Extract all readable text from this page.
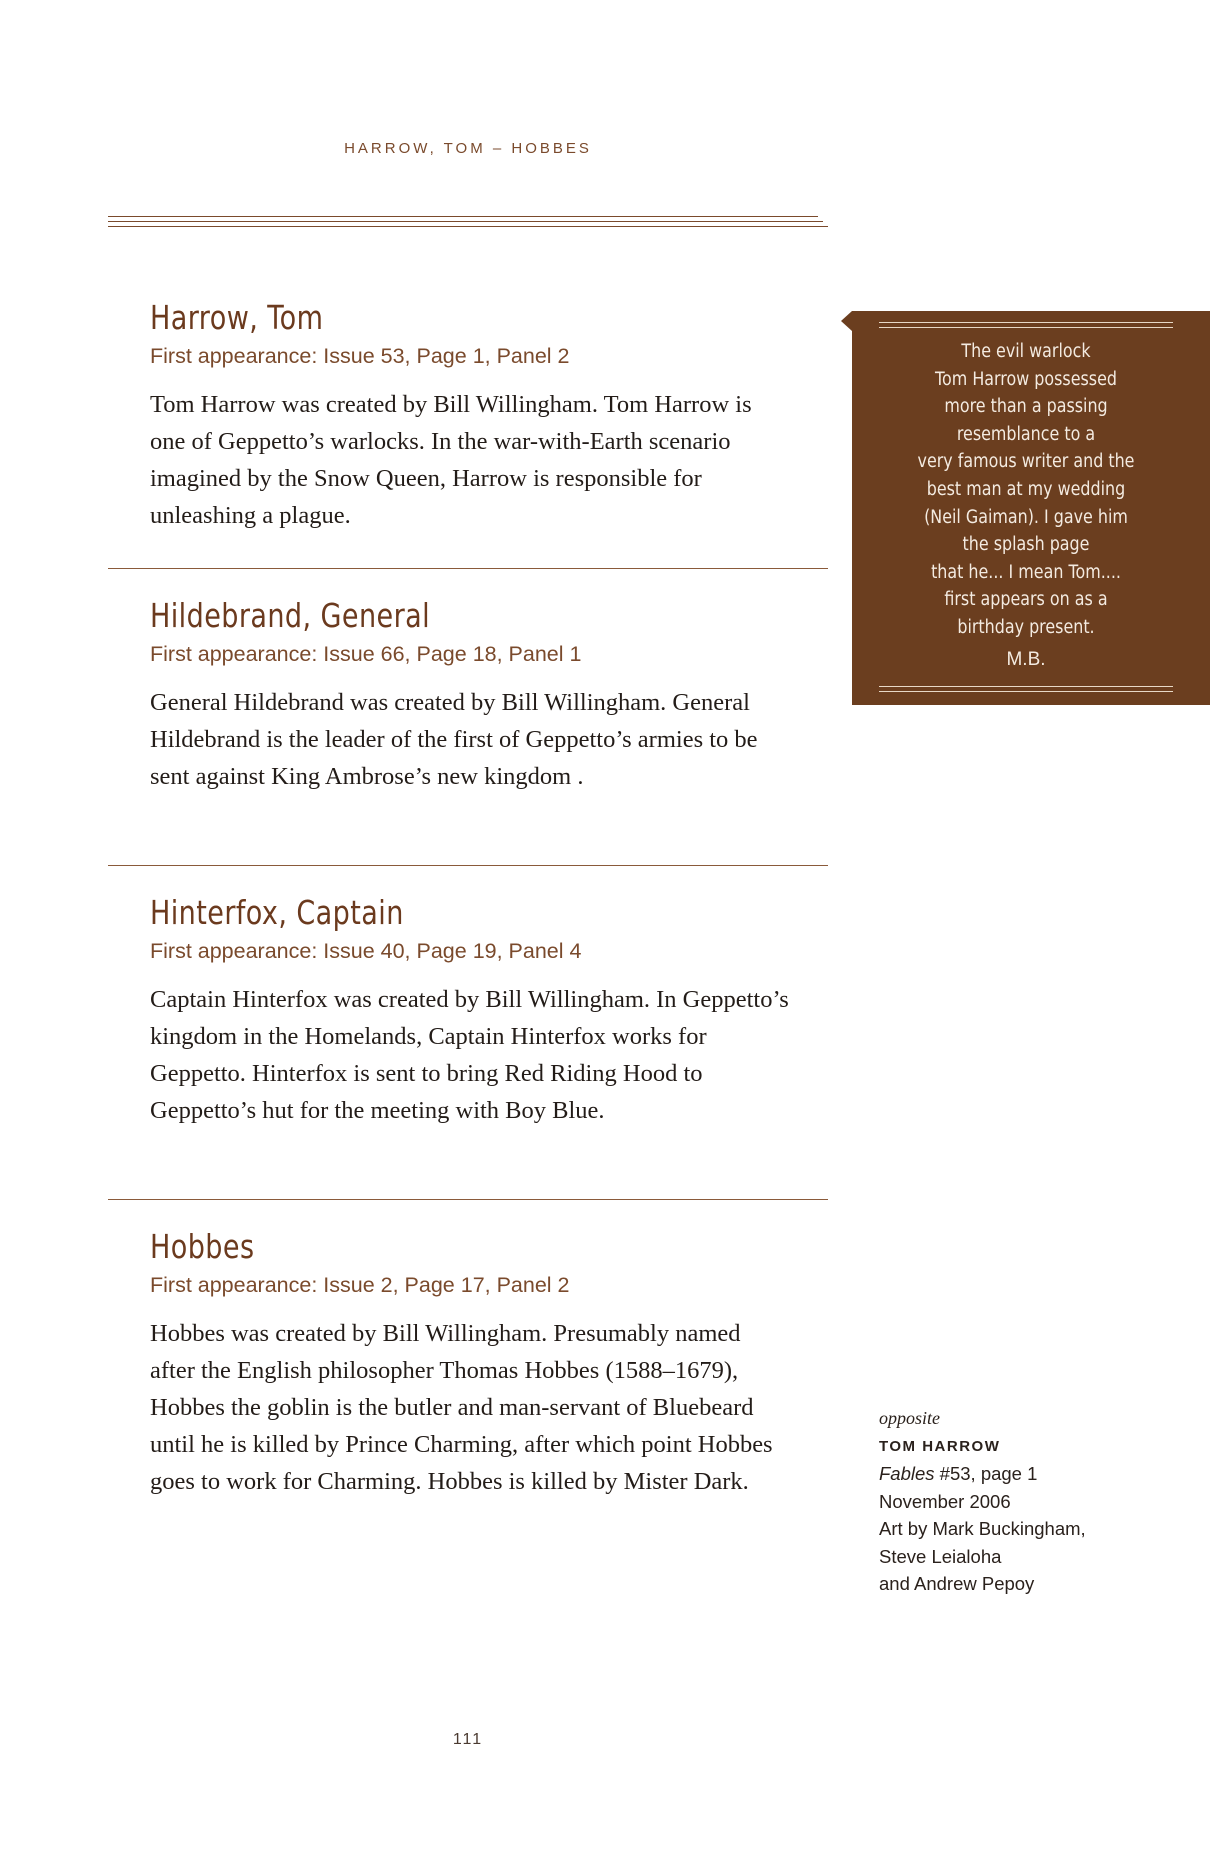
HARROW, TOM – HOBBES
Harrow, Tom
First appearance: Issue 53, Page 1, Panel 2
Tom Harrow was created by Bill Willingham. Tom Harrow is one of Geppetto’s warlocks. In the war-with-Earth scenario imagined by the Snow Queen, Harrow is responsible for unleashing a plague.
Hildebrand, General
First appearance: Issue 66, Page 18, Panel 1
General Hildebrand was created by Bill Willingham. General Hildebrand is the leader of the first of Geppetto’s armies to be sent against King Ambrose’s new kingdom .
Hinterfox, Captain
First appearance: Issue 40, Page 19, Panel 4
Captain Hinterfox was created by Bill Willingham. In Geppetto’s kingdom in the Homelands, Captain Hinterfox works for Geppetto. Hinterfox is sent to bring Red Riding Hood to Geppetto’s hut for the meeting with Boy Blue.
Hobbes
First appearance: Issue 2, Page 17, Panel 2
Hobbes was created by Bill Willingham. Presumably named after the English philosopher Thomas Hobbes (1588–1679), Hobbes the goblin is the butler and man-servant of Bluebeard until he is killed by Prince Charming, after which point Hobbes goes to work for Charming. Hobbes is killed by Mister Dark.
The evil warlock
Tom Harrow possessed
more than a passing
resemblance to a
very famous writer and the
best man at my wedding
(Neil Gaiman). I gave him
the splash page
that he... I mean Tom....
first appears on as a
birthday present.
M.B.
opposite
TOM HARROW
Fables #53, page 1
November 2006
Art by Mark Buckingham,
Steve Leialoha
and Andrew Pepoy
111
